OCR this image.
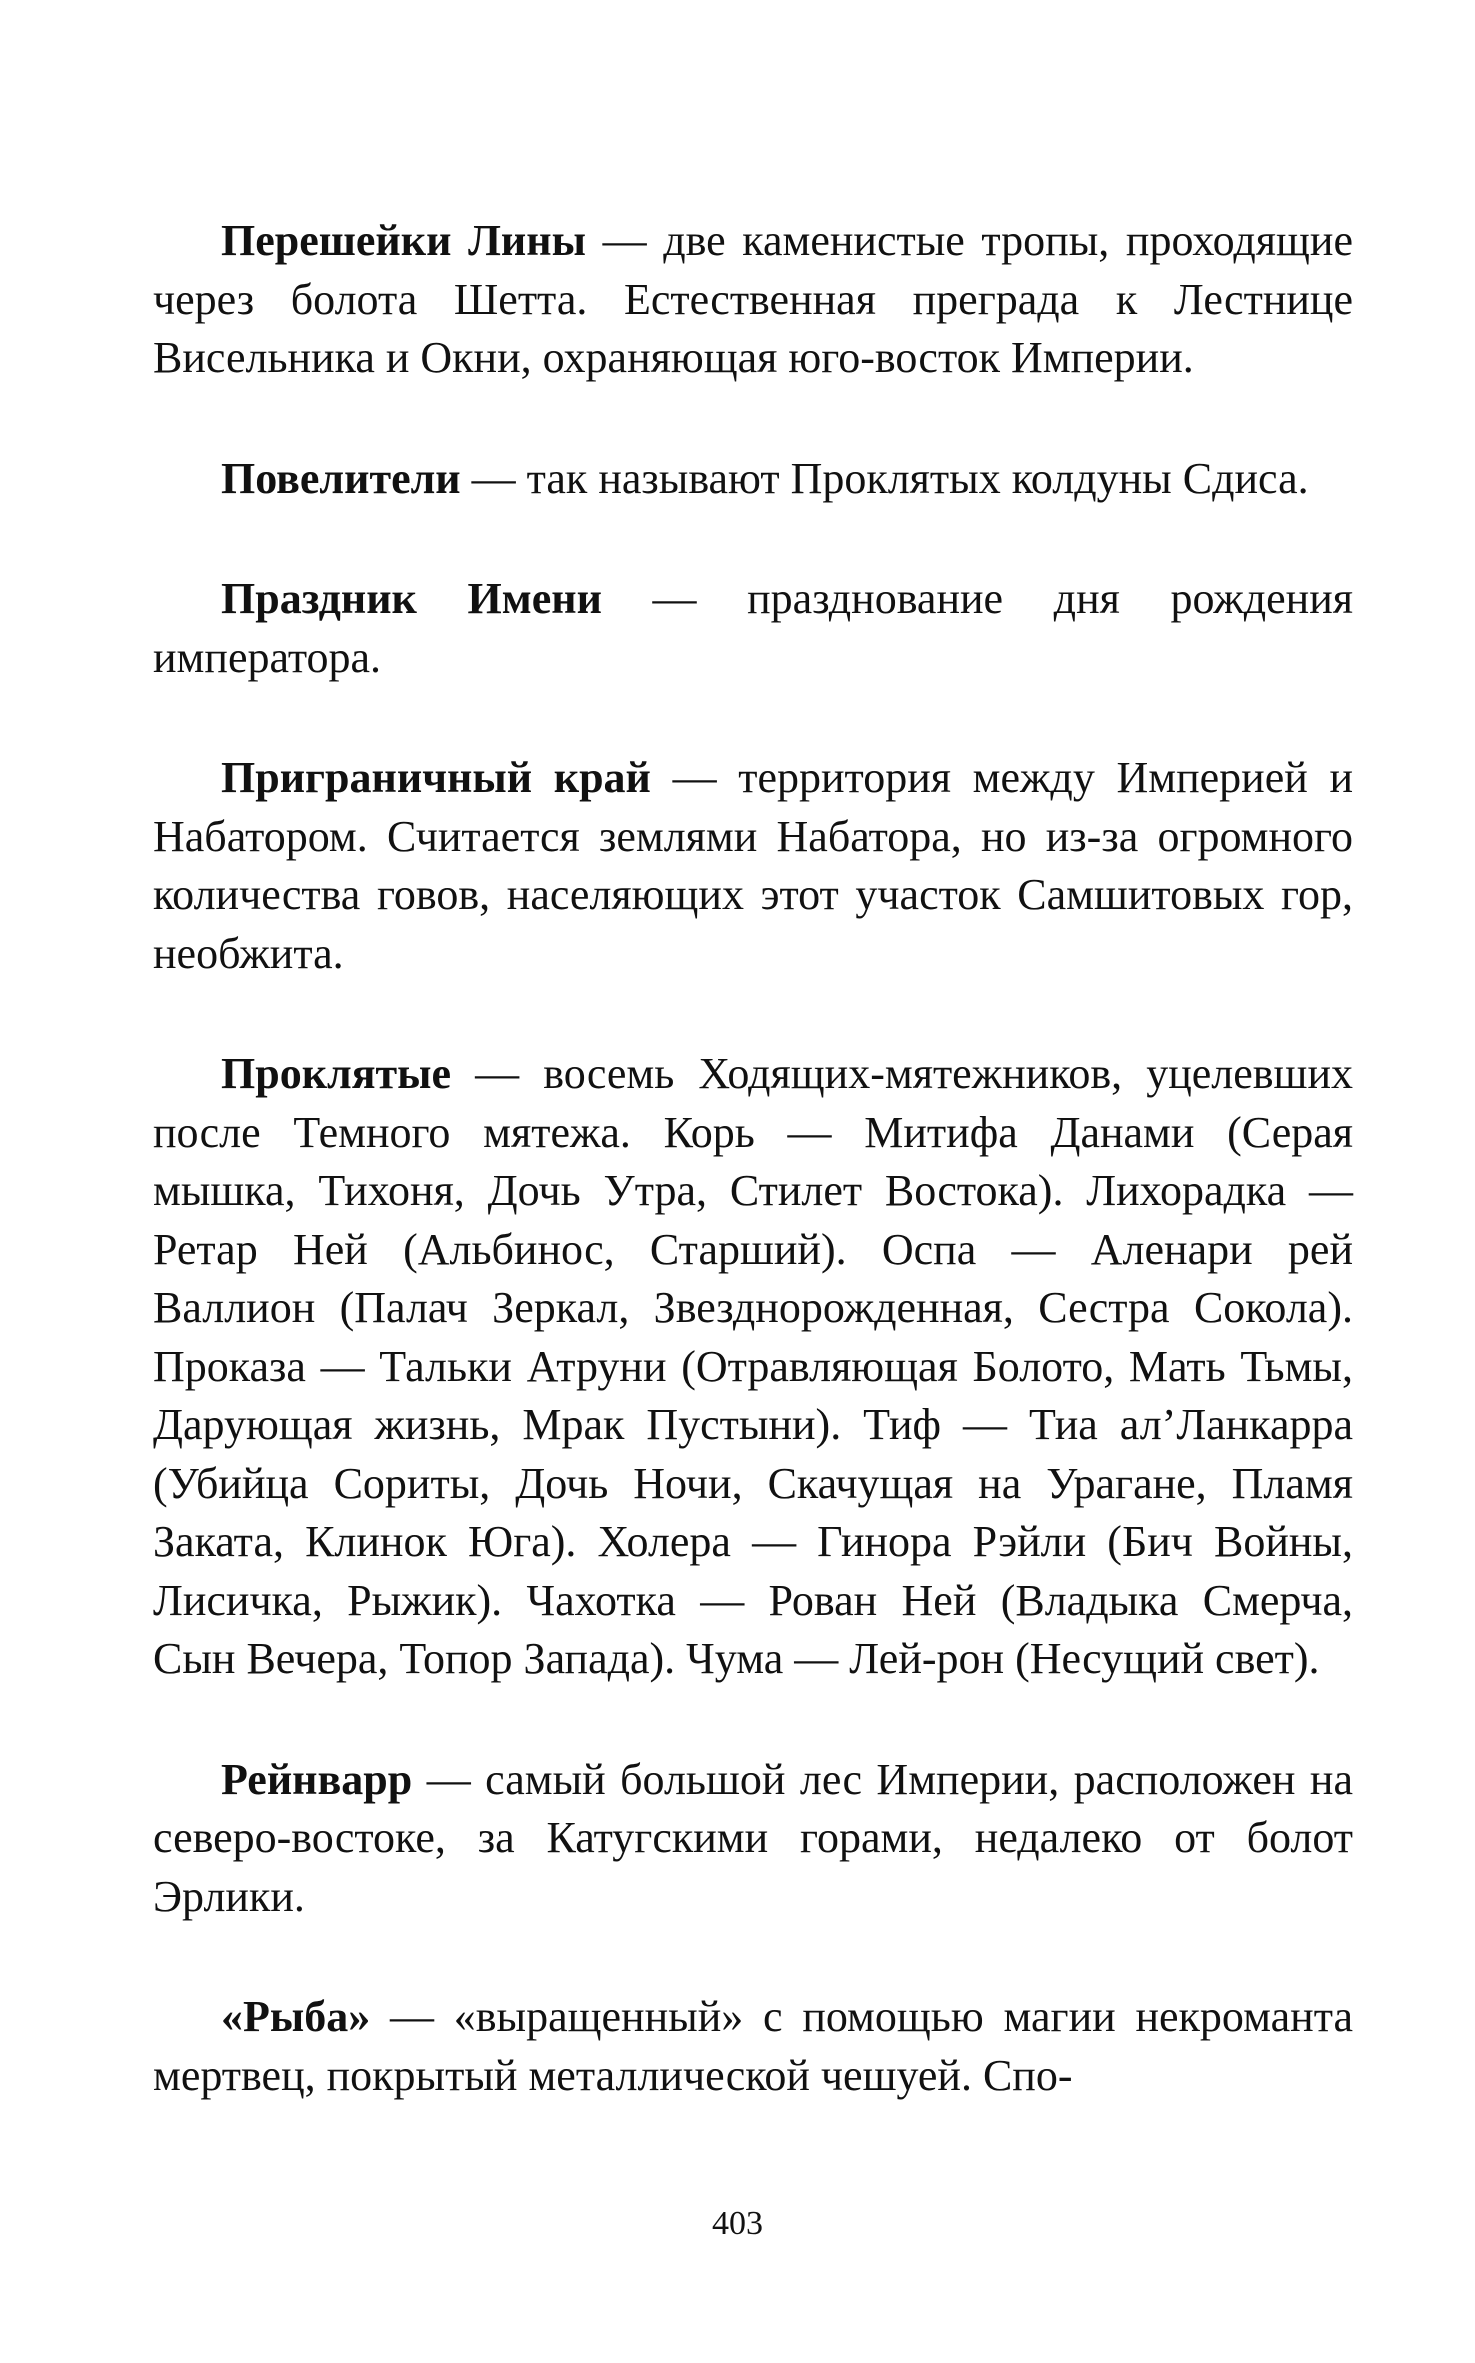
Перешейки Лины — две каменистые тропы, проходящие через болота Шетта. Естественная преграда к Лестнице Висельника и Окни, охраняющая юго-восток Империи.

Повелители — так называют Проклятых колдуны Сдиса.

Праздник Имени — празднование дня рождения императора.

Приграничный край — территория между Империей и Набатором. Считается землями Набатора, но из-за огромного количества говов, населяющих этот участок Самшитовых гор, необжита.

Проклятые — восемь Ходящих-мятежников, уцелевших после Темного мятежа. Корь — Митифа Данами (Серая мышка, Тихоня, Дочь Утра, Стилет Востока). Лихорадка — Ретар Ней (Альбинос, Старший). Оспа — Аленари рей Валлион (Палач Зеркал, Звезднорожденная, Сестра Сокола). Проказа — Тальки Атруни (Отравляющая Болото, Мать Тьмы, Дарующая жизнь, Мрак Пустыни). Тиф — Тиа ал’Ланкарра (Убийца Сориты, Дочь Ночи, Скачущая на Урагане, Пламя Заката, Клинок Юга). Холера — Гинора Рэйли (Бич Войны, Лисичка, Рыжик). Чахотка — Рован Ней (Владыка Смерча, Сын Вечера, Топор Запада). Чума — Лей-рон (Несущий свет).

Рейнварр — самый большой лес Империи, расположен на северо-востоке, за Катугскими горами, недалеко от болот Эрлики.

«Рыба» — «выращенный» с помощью магии некроманта мертвец, покрытый металлической чешуей. Спо-

403
